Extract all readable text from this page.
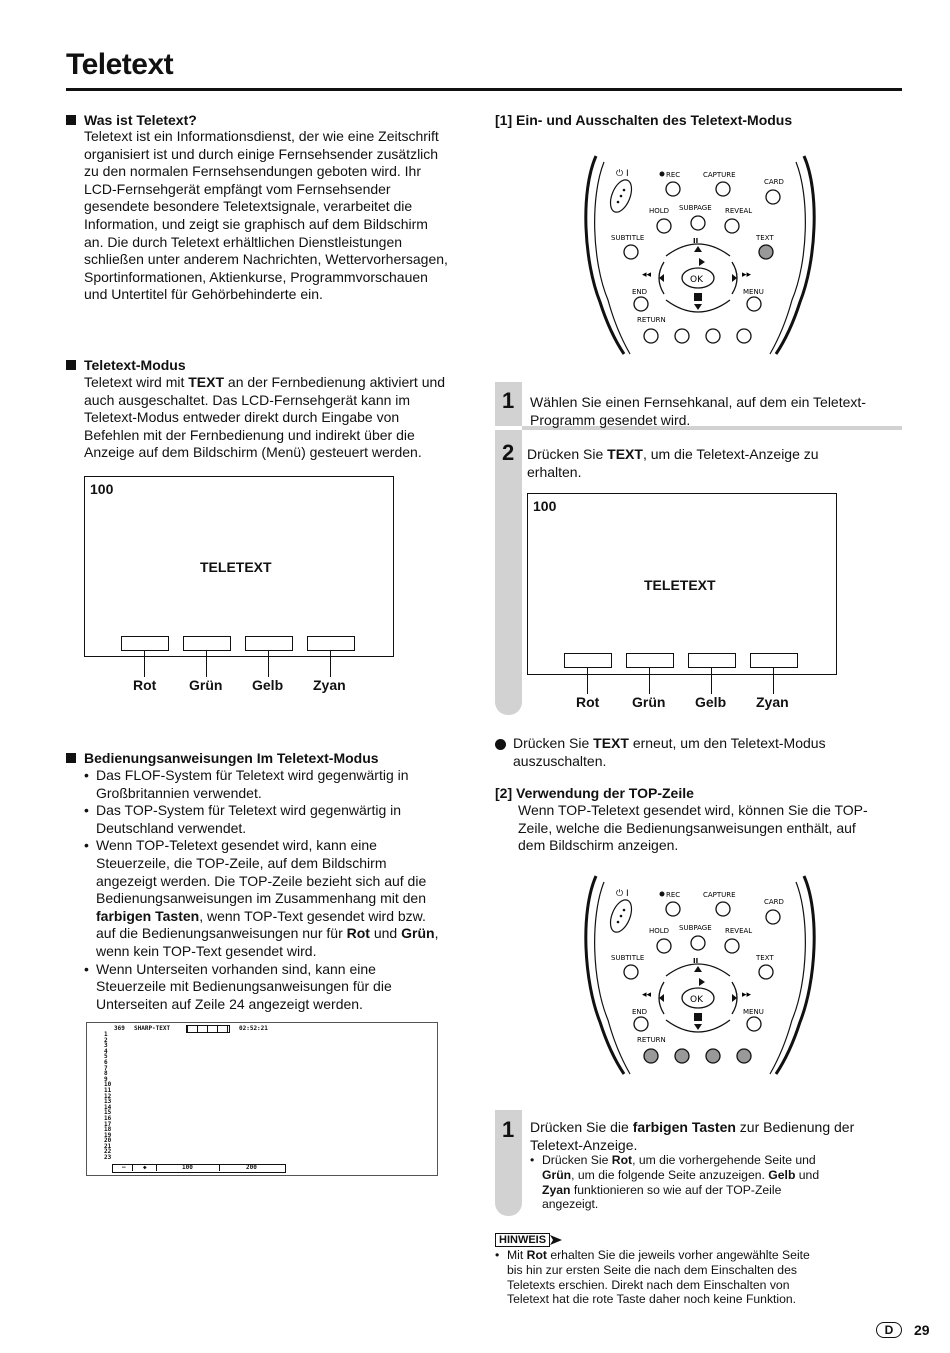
Teletext
Was ist Teletext?
Teletext ist ein Informationsdienst, der wie eine Zeitschrift
organisiert ist und durch einige Fernsehsender zusätzlich
zu den normalen Fernsehsendungen geboten wird. Ihr
LCD-Fernsehgerät empfängt vom Fernsehsender
gesendete besondere Teletextsignale, verarbeitet die
Information, und zeigt sie graphisch auf dem Bildschirm
an. Die durch Teletext erhältlichen Dienstleistungen
schließen unter anderem Nachrichten, Wettervorhersagen,
Sportinformationen, Aktienkurse, Programmvorschauen
und Untertitel für Gehörbehinderte ein.
Teletext-Modus
Teletext wird mit TEXT an der Fernbedienung aktiviert und
auch ausgeschaltet. Das LCD-Fernsehgerät kann im
Teletext-Modus entweder direkt durch Eingabe von
Befehlen mit der Fernbedienung und indirekt über die
Anzeige auf dem Bildschirm (Menü) gesteuert werden.
100
TELETEXT
Rot Grün Gelb Zyan
Bedienungsanweisungen Im Teletext-Modus
• Das FLOF-System für Teletext wird gegenwärtig in
Großbritannien verwendet.
• Das TOP-System für Teletext wird gegenwärtig in
Deutschland verwendet.
• Wenn TOP-Teletext gesendet wird, kann eine
Steuerzeile, die TOP-Zeile, auf dem Bildschirm
angezeigt werden. Die TOP-Zeile bezieht sich auf die
Bedienungsanweisungen im Zusammenhang mit den
farbigen Tasten, wenn TOP-Text gesendet wird bzw.
auf die Bedienungsanweisungen nur für Rot und Grün,
wenn kein TOP-Text gesendet wird.
• Wenn Unterseiten vorhanden sind, kann eine
Steuerzeile mit Bedienungsanweisungen für die
Unterseiten auf Zeile 24 angezeigt werden.
369 SHARP-TEXT	02:52:21
1
2
3
4
5
6
7
8
9
10
11
12
13
14
15
16
17
18
19
20
21
22
23
—	◆	100	200
[1] Ein- und Ausschalten des Teletext-Modus
⏻ I	REC	CAPTURE
CARD
HOLD SUBPAGE REVEAL
SUBTITLE	TEXT
II
OK
◂◂	▸▸
END	MENU
RETURN
1 Wählen Sie einen Fernsehkanal, auf dem ein Teletext-
Programm gesendet wird.
2 Drücken Sie TEXT, um die Teletext-Anzeige zu
erhalten.
100
TELETEXT
Rot Grün Gelb Zyan
Drücken Sie TEXT erneut, um den Teletext-Modus
auszuschalten.
[2] Verwendung der TOP-Zeile
Wenn TOP-Teletext gesendet wird, können Sie die TOP-
Zeile, welche die Bedienungsanweisungen enthält, auf
dem Bildschirm anzeigen.
⏻ I	REC	CAPTURE
CARD
HOLD SUBPAGE REVEAL
SUBTITLE	TEXT
II
OK
◂◂	▸▸
END	MENU
RETURN
1 Drücken Sie die farbigen Tasten zur Bedienung der
Teletext-Anzeige.
• Drücken Sie Rot, um die vorhergehende Seite und
Grün, um die folgende Seite anzuzeigen. Gelb und
Zyan funktionieren so wie auf der TOP-Zeile
angezeigt.
HINWEIS
• Mit Rot erhalten Sie die jeweils vorher angewählte Seite
bis hin zur ersten Seite die nach dem Einschalten des
Teletexts erschien. Direkt nach dem Einschalten von
Teletext hat die rote Taste daher noch keine Funktion.
D	29
